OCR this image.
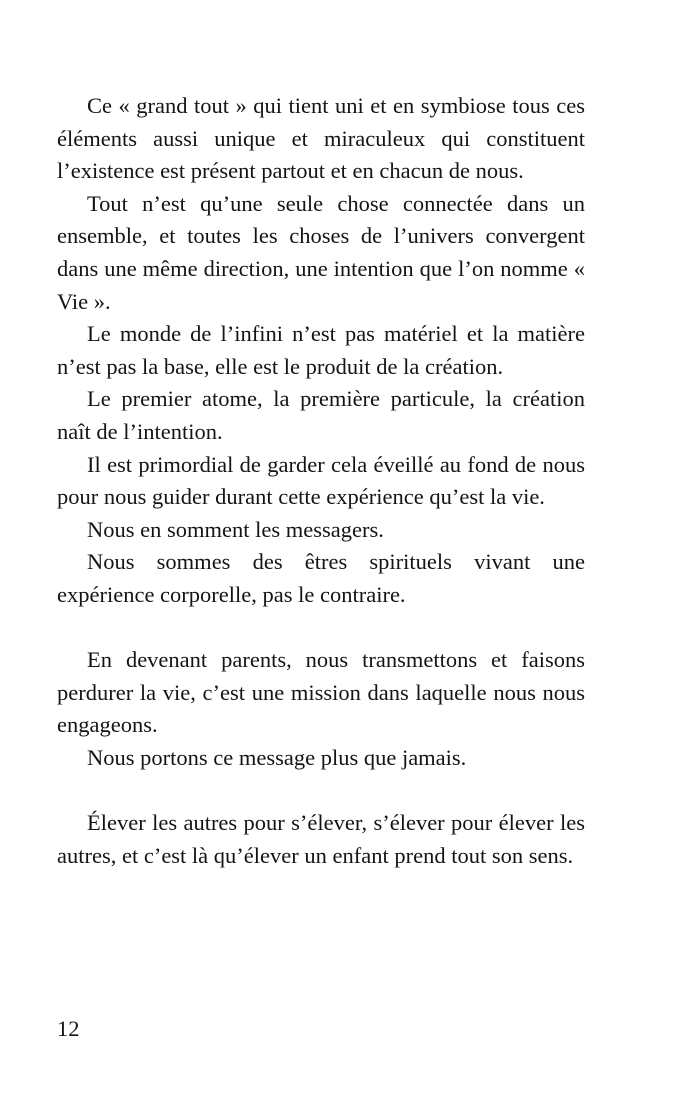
Ce « grand tout » qui tient uni et en symbiose tous ces éléments aussi unique et miraculeux qui constituent l’existence est présent partout et en chacun de nous.

Tout n’est qu’une seule chose connectée dans un ensemble, et toutes les choses de l’univers convergent dans une même direction, une intention que l’on nomme « Vie ».

Le monde de l’infini n’est pas matériel et la matière n’est pas la base, elle est le produit de la création.

Le premier atome, la première particule, la création naît de l’intention.

Il est primordial de garder cela éveillé au fond de nous pour nous guider durant cette expérience qu’est la vie.

Nous en somment les messagers.

Nous sommes des êtres spirituels vivant une expérience corporelle, pas le contraire.

En devenant parents, nous transmettons et faisons perdurer la vie, c’est une mission dans laquelle nous nous engageons.

Nous portons ce message plus que jamais.

Élever les autres pour s’élever, s’élever pour élever les autres, et c’est là qu’élever un enfant prend tout son sens.

12
